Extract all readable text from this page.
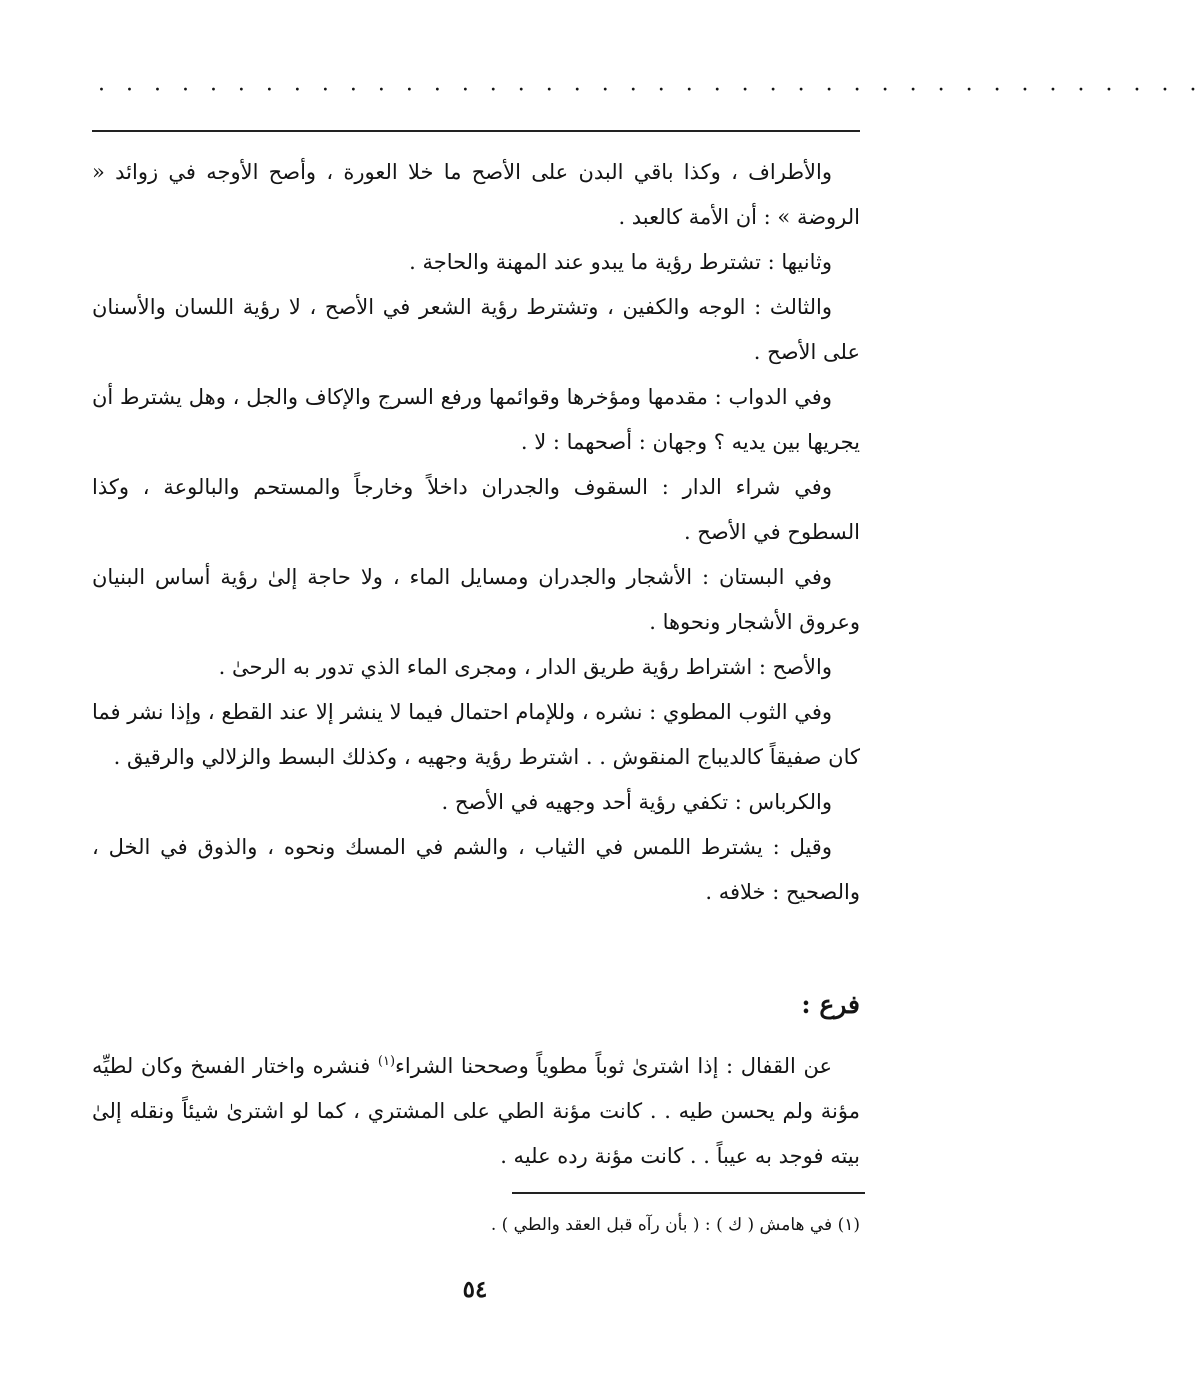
· · · · · · · · · · · · · · · · · · · · · · · · · · · · · · · · · · · · · · · ·

والأطراف ، وكذا باقي البدن على الأصح ما خلا العورة ، وأصح الأوجه في زوائد « الروضة » : أن الأمة كالعبد .

وثانيها : تشترط رؤية ما يبدو عند المهنة والحاجة .

والثالث : الوجه والكفين ، وتشترط رؤية الشعر في الأصح ، لا رؤية اللسان والأسنان على الأصح .

وفي الدواب : مقدمها ومؤخرها وقوائمها ورفع السرج والإكاف والجل ، وهل يشترط أن يجريها بين يديه ؟ وجهان : أصحهما : لا .

وفي شراء الدار : السقوف والجدران داخلاً وخارجاً والمستحم والبالوعة ، وكذا السطوح في الأصح .

وفي البستان : الأشجار والجدران ومسايل الماء ، ولا حاجة إلىٰ رؤية أساس البنيان وعروق الأشجار ونحوها .

والأصح : اشتراط رؤية طريق الدار ، ومجرى الماء الذي تدور به الرحىٰ .

وفي الثوب المطوي : نشره ، وللإمام احتمال فيما لا ينشر إلا عند القطع ، وإذا نشر فما كان صفيقاً كالديباج المنقوش . . اشترط رؤية وجهيه ، وكذلك البسط والزلالي والرقيق .

والكرباس : تكفي رؤية أحد وجهيه في الأصح .

وقيل : يشترط اللمس في الثياب ، والشم في المسك ونحوه ، والذوق في الخل ، والصحيح : خلافه .

فرع :

عن القفال : إذا اشترىٰ ثوباً مطوياً وصححنا الشراء$^{(١)}$ فنشره واختار الفسخ وكان لطيِّه مؤنة ولم يحسن طيه . . كانت مؤنة الطي على المشتري ، كما لو اشترىٰ شيئاً ونقله إلىٰ بيته فوجد به عيباً . . كانت مؤنة رده عليه .

(١) في هامش ( ك ) : ( بأن رآه قبل العقد والطي ) .
٥٤
